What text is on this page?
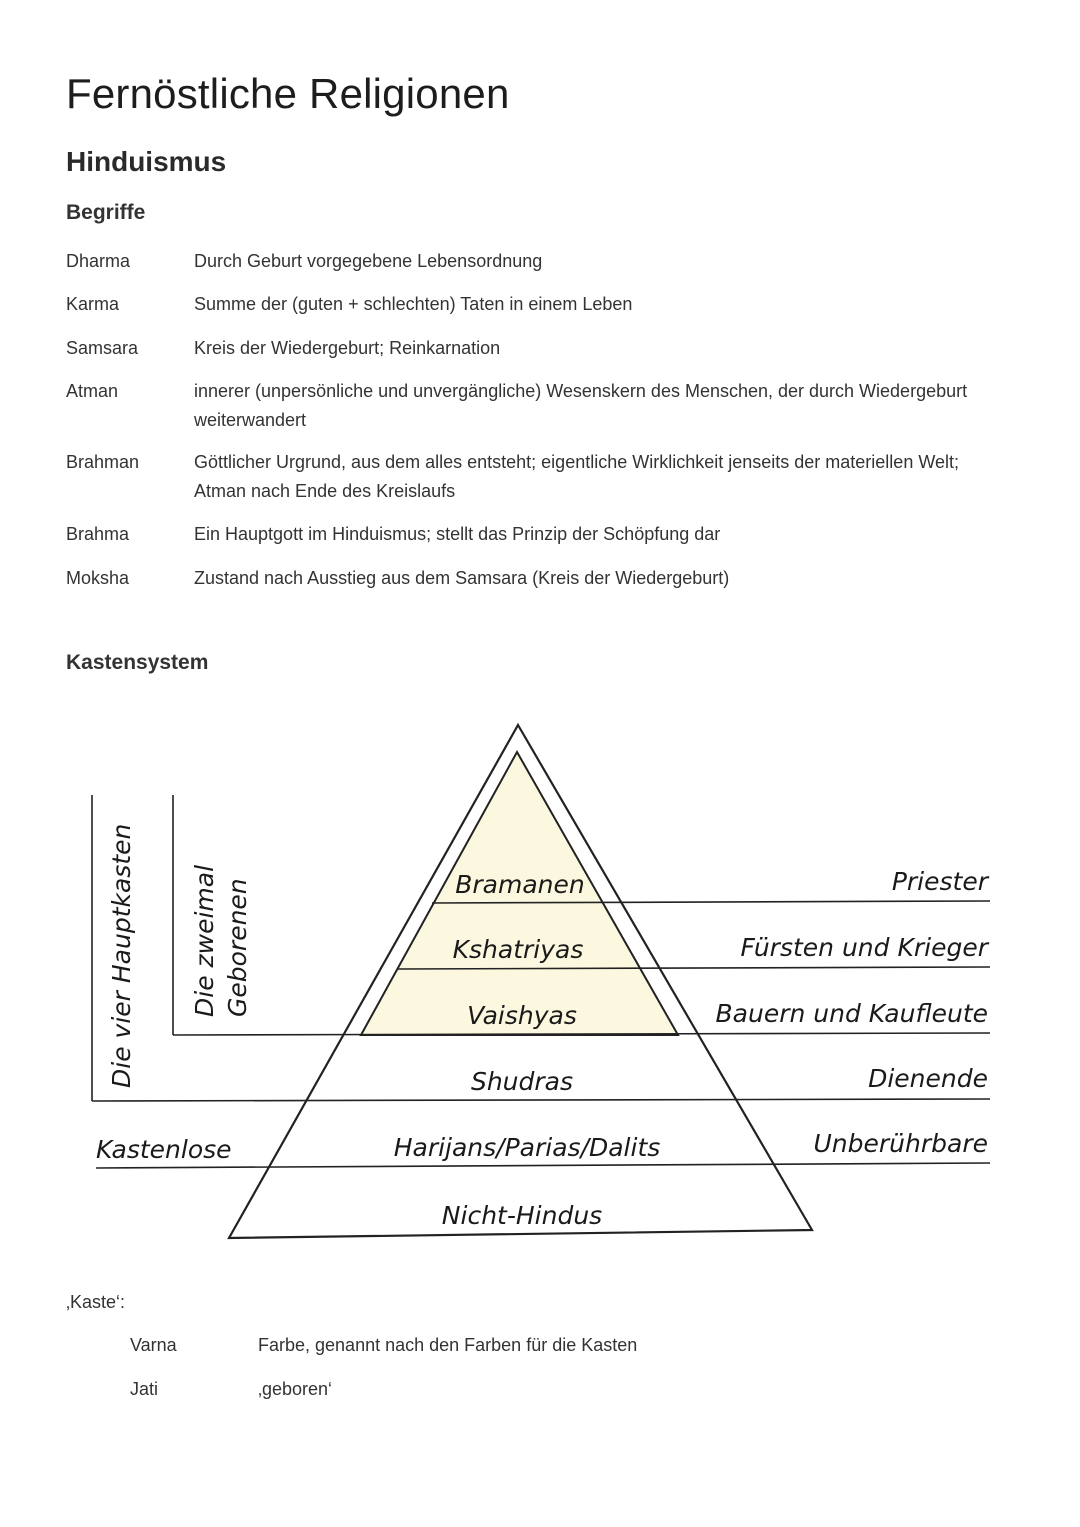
Fernöstliche Religionen
Hinduismus
Begriffe
Dharma	Durch Geburt vorgegebene Lebensordnung
Karma	Summe der (guten + schlechten) Taten in einem Leben
Samsara	Kreis der Wiedergeburt; Reinkarnation
Atman	innerer (unpersönliche und unvergängliche) Wesenskern des Menschen, der durch Wiedergeburt weiterwandert
Brahman	Göttlicher Urgrund, aus dem alles entsteht; eigentliche Wirklichkeit jenseits der materiellen Welt; Atman nach Ende des Kreislaufs
Brahma	Ein Hauptgott im Hinduismus; stellt das Prinzip der Schöpfung dar
Moksha	Zustand nach Ausstieg aus dem Samsara (Kreis der Wiedergeburt)
Kastensystem
Bramanen
Kshatriyas
Vaishyas
Shudras
Harijans/Parias/Dalits
Nicht-Hindus
Priester
Fürsten und Krieger
Bauern und Kaufleute
Dienende
Unberührbare
Die vier Hauptkasten Die zweimal Geborenen
Kastenlose
‚Kaste‘:
Varna	Farbe, genannt nach den Farben für die Kasten
Jati	‚geboren‘
